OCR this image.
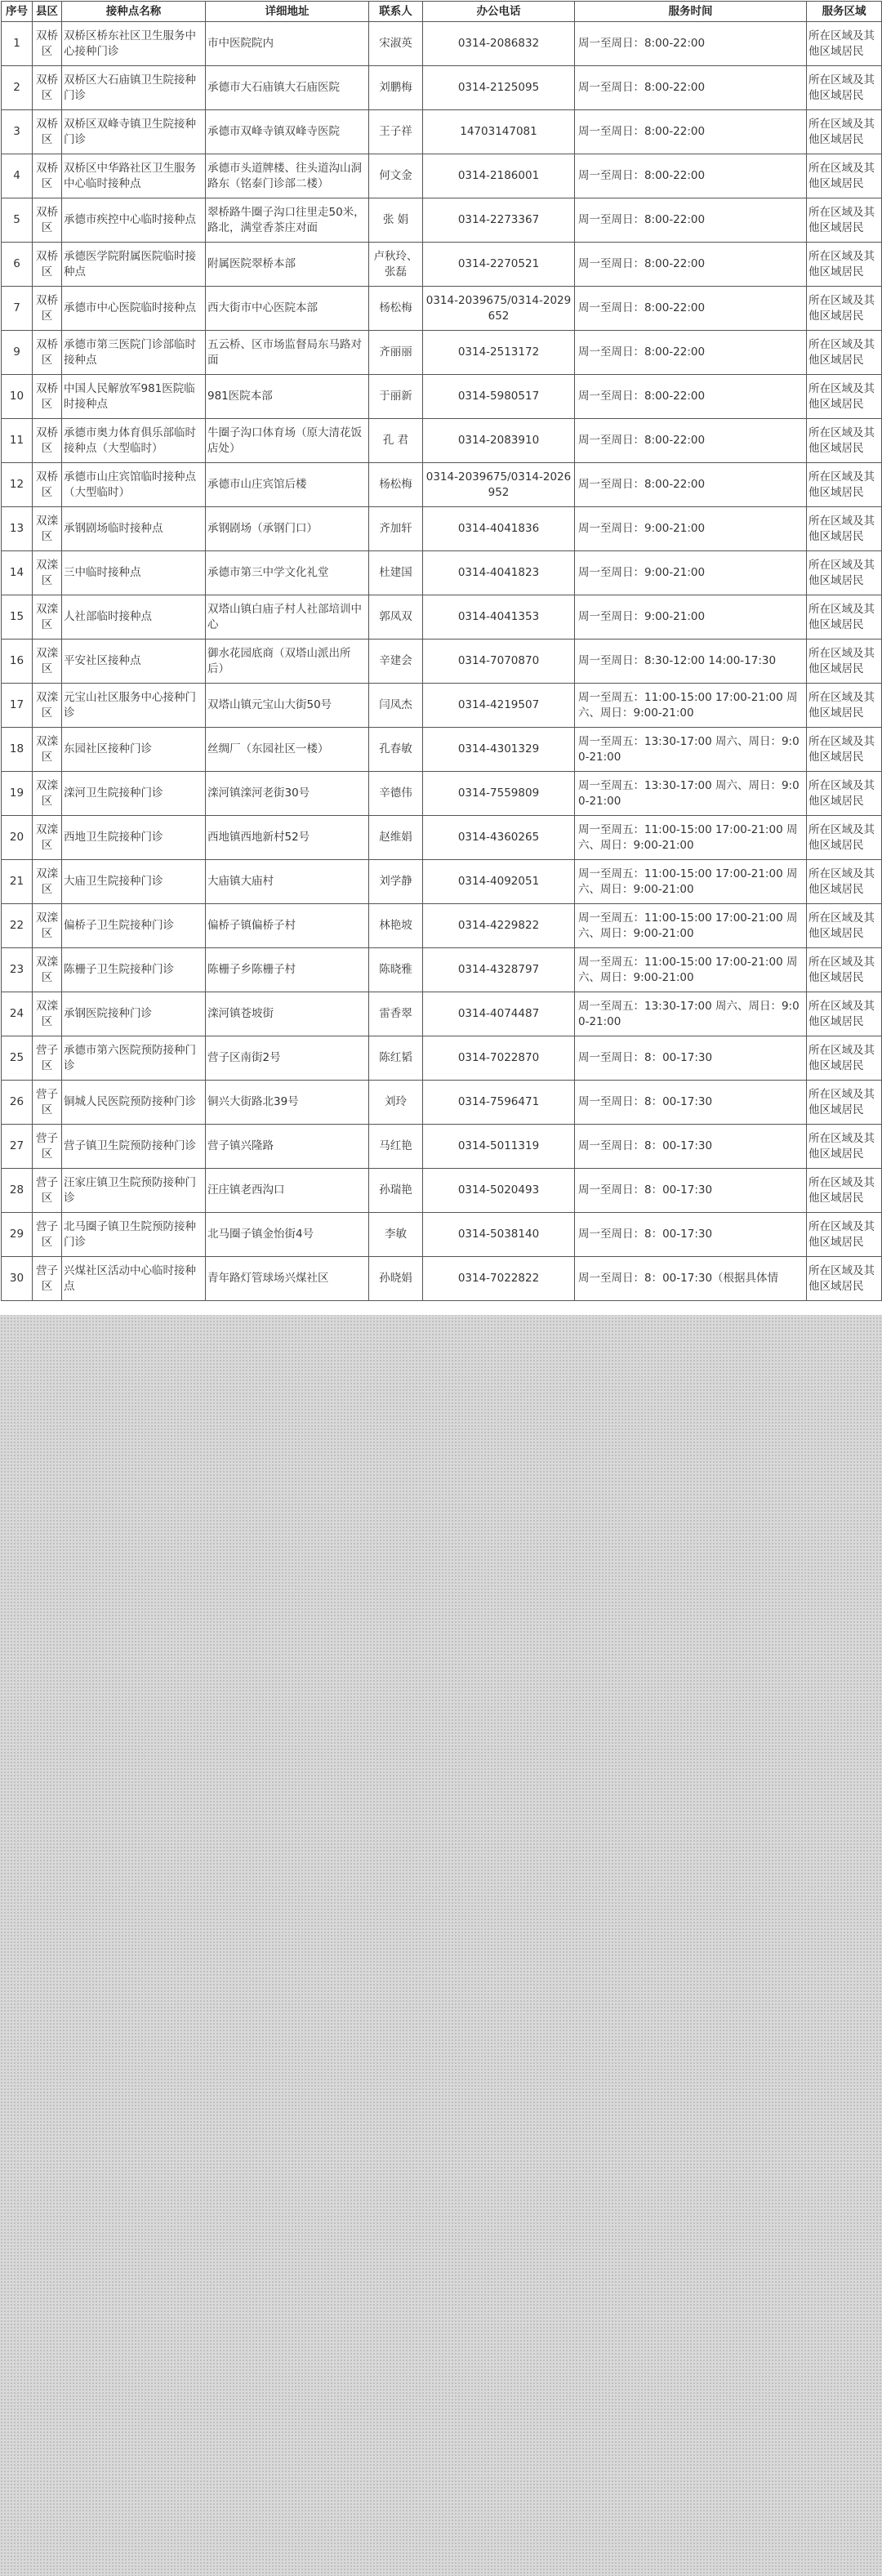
序号	县区	接种点名称	详细地址	联系人	办公电话	服务时间	服务区域
1	双桥区	双桥区桥东社区卫生服务中心接种门诊	市中医院院内	宋淑英	0314-2086832	周一至周日：8:00-22:00	所在区域及其他区域居民
2	双桥区	双桥区大石庙镇卫生院接种门诊	承德市大石庙镇大石庙医院	刘鹏梅	0314-2125095	周一至周日：8:00-22:00	所在区域及其他区域居民
3	双桥区	双桥区双峰寺镇卫生院接种门诊	承德市双峰寺镇双峰寺医院	王子祥	14703147081	周一至周日：8:00-22:00	所在区域及其他区域居民
4	双桥区	双桥区中华路社区卫生服务中心临时接种点	承德市头道牌楼、往头道沟山洞路东（铭泰门诊部二楼）	何文金	0314-2186001	周一至周日：8:00-22:00	所在区域及其他区域居民
5	双桥区	承德市疾控中心临时接种点	翠桥路牛圈子沟口往里走50米，路北，满堂香茶庄对面	张 娟	0314-2273367	周一至周日：8:00-22:00	所在区域及其他区域居民
6	双桥区	承德医学院附属医院临时接种点	附属医院翠桥本部	卢秋玲、张磊	0314-2270521	周一至周日：8:00-22:00	所在区域及其他区域居民
7	双桥区	承德市中心医院临时接种点	西大街市中心医院本部	杨松梅	0314-2039675/0314-2029652	周一至周日：8:00-22:00	所在区域及其他区域居民
9	双桥区	承德市第三医院门诊部临时接种点	五云桥、区市场监督局东马路对面	齐丽丽	0314-2513172	周一至周日：8:00-22:00	所在区域及其他区域居民
10	双桥区	中国人民解放军981医院临时接种点	981医院本部	于丽新	0314-5980517	周一至周日：8:00-22:00	所在区域及其他区域居民
11	双桥区	承德市奥力体育俱乐部临时接种点（大型临时）	牛圈子沟口体育场（原大清花饭店处）	孔 君	0314-2083910	周一至周日：8:00-22:00	所在区域及其他区域居民
12	双桥区	承德市山庄宾馆临时接种点（大型临时）	承德市山庄宾馆后楼	杨松梅	0314-2039675/0314-2026952	周一至周日：8:00-22:00	所在区域及其他区域居民
13	双滦区	承钢剧场临时接种点	承钢剧场（承钢门口）	齐加轩	0314-4041836	周一至周日：9:00-21:00	所在区域及其他区域居民
14	双滦区	三中临时接种点	承德市第三中学文化礼堂	杜建国	0314-4041823	周一至周日：9:00-21:00	所在区域及其他区域居民
15	双滦区	人社部临时接种点	双塔山镇白庙子村人社部培训中心	郭凤双	0314-4041353	周一至周日：9:00-21:00	所在区域及其他区域居民
16	双滦区	平安社区接种点	御水花园底商（双塔山派出所后）	辛建会	0314-7070870	周一至周日：8:30-12:00 14:00-17:30	所在区域及其他区域居民
17	双滦区	元宝山社区服务中心接种门诊	双塔山镇元宝山大街50号	闫凤杰	0314-4219507	周一至周五：11:00-15:00 17:00-21:00 周六、周日：9:00-21:00	所在区域及其他区域居民
18	双滦区	东园社区接种门诊	丝绸厂（东园社区一楼）	孔春敏	0314-4301329	周一至周五：13:30-17:00 周六、周日：9:00-21:00	所在区域及其他区域居民
19	双滦区	滦河卫生院接种门诊	滦河镇滦河老街30号	辛德伟	0314-7559809	周一至周五：13:30-17:00 周六、周日：9:00-21:00	所在区域及其他区域居民
20	双滦区	西地卫生院接种门诊	西地镇西地新村52号	赵维娟	0314-4360265	周一至周五：11:00-15:00 17:00-21:00 周六、周日：9:00-21:00	所在区域及其他区域居民
21	双滦区	大庙卫生院接种门诊	大庙镇大庙村	刘学静	0314-4092051	周一至周五：11:00-15:00 17:00-21:00 周六、周日：9:00-21:00	所在区域及其他区域居民
22	双滦区	偏桥子卫生院接种门诊	偏桥子镇偏桥子村	林艳坡	0314-4229822	周一至周五：11:00-15:00 17:00-21:00 周六、周日：9:00-21:00	所在区域及其他区域居民
23	双滦区	陈栅子卫生院接种门诊	陈栅子乡陈栅子村	陈晓雅	0314-4328797	周一至周五：11:00-15:00 17:00-21:00 周六、周日：9:00-21:00	所在区域及其他区域居民
24	双滦区	承钢医院接种门诊	滦河镇苍坡街	雷香翠	0314-4074487	周一至周五：13:30-17:00 周六、周日：9:00-21:00	所在区域及其他区域居民
25	营子区	承德市第六医院预防接种门诊	营子区南街2号	陈红韬	0314-7022870	周一至周日：8：00-17:30	所在区域及其他区域居民
26	营子区	铜城人民医院预防接种门诊	铜兴大街路北39号	刘玲	0314-7596471	周一至周日：8：00-17:30	所在区域及其他区域居民
27	营子区	营子镇卫生院预防接种门诊	营子镇兴隆路	马红艳	0314-5011319	周一至周日：8：00-17:30	所在区域及其他区域居民
28	营子区	汪家庄镇卫生院预防接种门诊	汪庄镇老西沟口	孙瑞艳	0314-5020493	周一至周日：8：00-17:30	所在区域及其他区域居民
29	营子区	北马圈子镇卫生院预防接种门诊	北马圈子镇金怡街4号	李敏	0314-5038140	周一至周日：8：00-17:30	所在区域及其他区域居民
30	营子区	兴煤社区活动中心临时接种点	青年路灯管球场兴煤社区	孙晓娟	0314-7022822	周一至周日：8：00-17:30（根据具体情	所在区域及其他区域居民
